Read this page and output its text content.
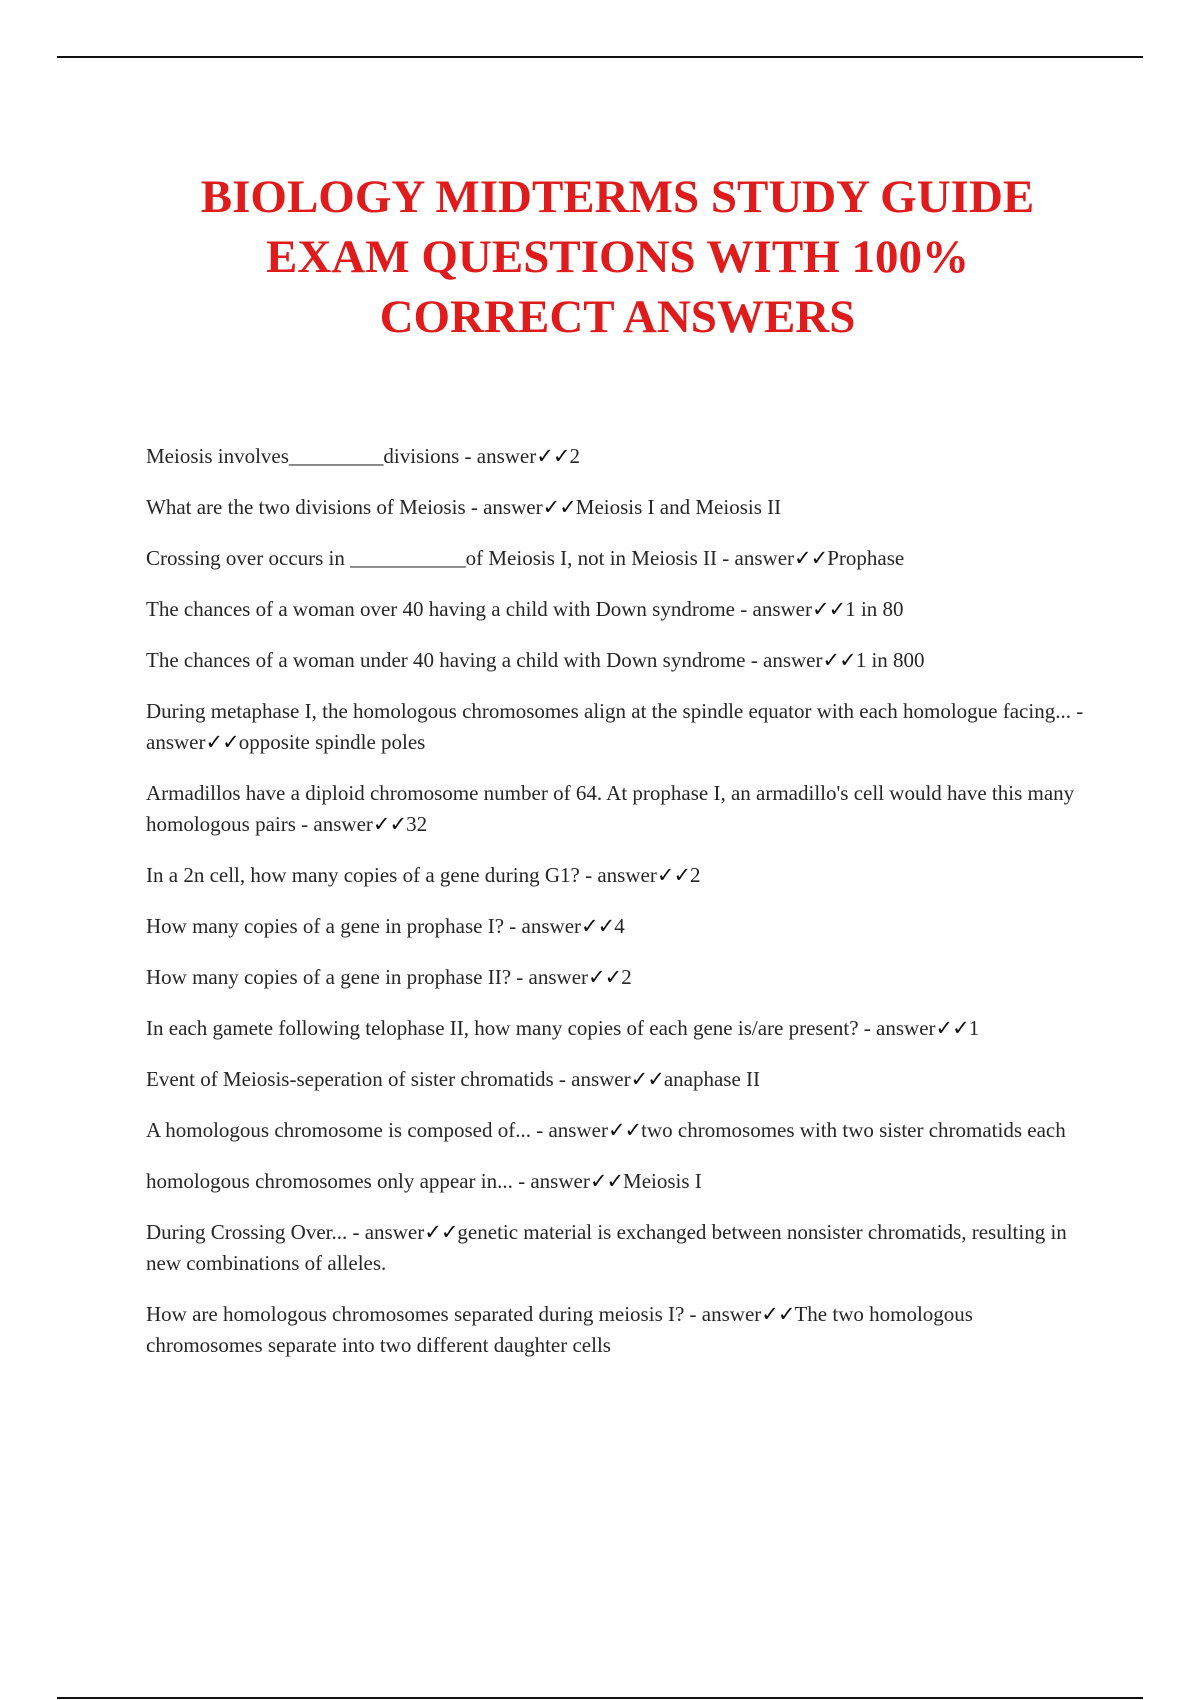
BIOLOGY MIDTERMS STUDY GUIDE
EXAM QUESTIONS WITH 100%
CORRECT ANSWERS
Meiosis involves_________divisions - answer✓✓2
What are the two divisions of Meiosis - answer✓✓Meiosis I and Meiosis II
Crossing over occurs in ___________of Meiosis I, not in Meiosis II - answer✓✓Prophase
The chances of a woman over 40 having a child with Down syndrome - answer✓✓1 in 80
The chances of a woman under 40 having a child with Down syndrome - answer✓✓1 in 800
During metaphase I, the homologous chromosomes align at the spindle equator with each homologue facing... - answer✓✓opposite spindle poles
Armadillos have a diploid chromosome number of 64. At prophase I, an armadillo's cell would have this many homologous pairs - answer✓✓32
In a 2n cell, how many copies of a gene during G1? - answer✓✓2
How many copies of a gene in prophase I? - answer✓✓4
How many copies of a gene in prophase II? - answer✓✓2
In each gamete following telophase II, how many copies of each gene is/are present? - answer✓✓1
Event of Meiosis-seperation of sister chromatids - answer✓✓anaphase II
A homologous chromosome is composed of... - answer✓✓two chromosomes with two sister chromatids each
homologous chromosomes only appear in... - answer✓✓Meiosis I
During Crossing Over... - answer✓✓genetic material is exchanged between nonsister chromatids, resulting in new combinations of alleles.
How are homologous chromosomes separated during meiosis I? - answer✓✓The two homologous chromosomes separate into two different daughter cells
